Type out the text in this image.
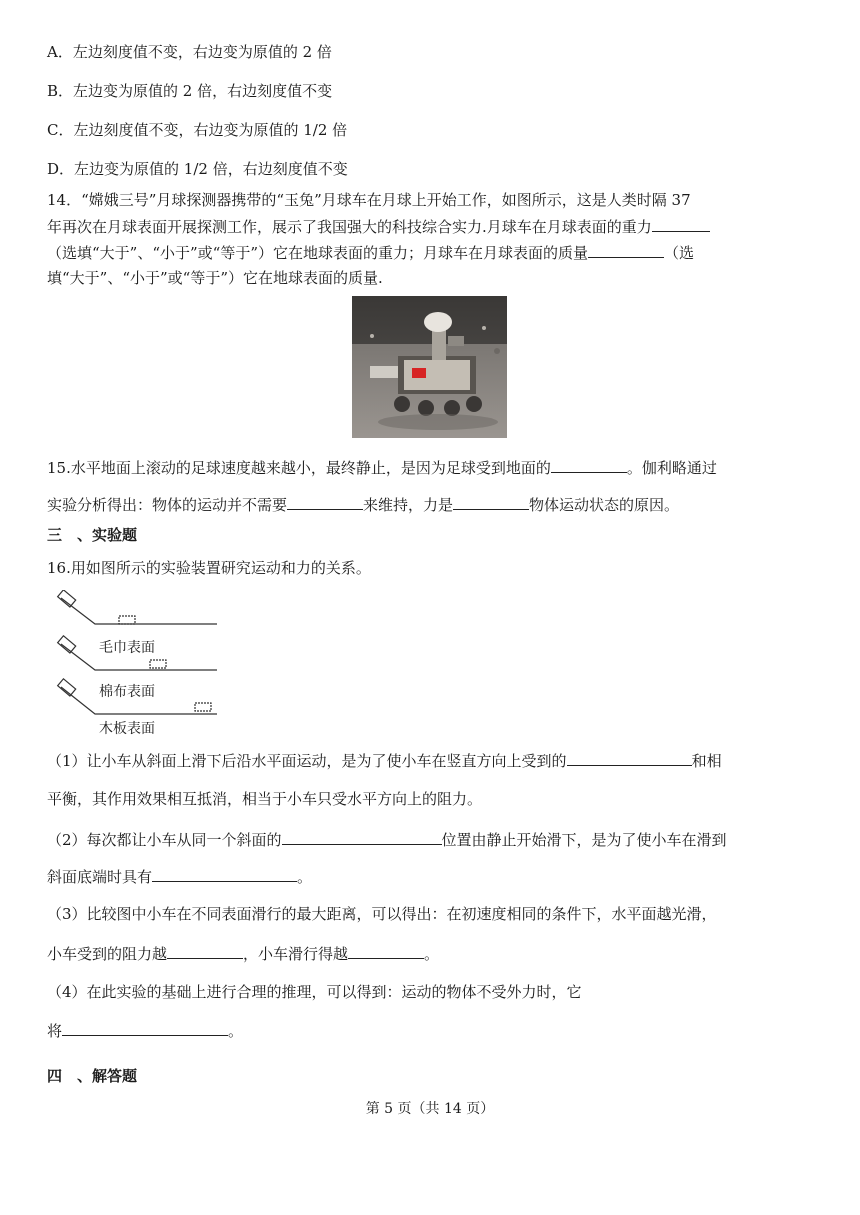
A．左边刻度值不变，右边变为原值的 2 倍
B．左边变为原值的 2 倍，右边刻度值不变
C．左边刻度值不变，右边变为原值的 1/2 倍
D．左边变为原值的 1/2 倍，右边刻度值不变
14．“嫦娥三号”月球探测器携带的“玉兔”月球车在月球上开始工作，如图所示，这是人类时隔 37
年再次在月球表面开展探测工作，展示了我国强大的科技综合实力.月球车在月球表面的重力
（选填“大于”、“小于”或“等于”）它在地球表面的重力；月球车在月球表面的质量	（选
填“大于”、“小于”或“等于”）它在地球表面的质量.
15.水平地面上滚动的足球速度越来越小，最终静止，是因为足球受到地面的	。伽利略通过
实验分析得出：物体的运动并不需要	来维持，力是	物体运动状态的原因。
三　、实验题
16.用如图所示的实验装置研究运动和力的关系。
毛巾表面
棉布表面
木板表面
（1）让小车从斜面上滑下后沿水平面运动，是为了使小车在竖直方向上受到的	和相
平衡，其作用效果相互抵消，相当于小车只受水平方向上的阻力。
（2）每次都让小车从同一个斜面的	位置由静止开始滑下，是为了使小车在滑到
斜面底端时具有	。
（3）比较图中小车在不同表面滑行的最大距离，可以得出：在初速度相同的条件下，水平面越光滑，
小车受到的阻力越	，小车滑行得越	。
（4）在此实验的基础上进行合理的推理，可以得到：运动的物体不受外力时，它
将	。
四　、解答题
第 5 页（共 14 页）
